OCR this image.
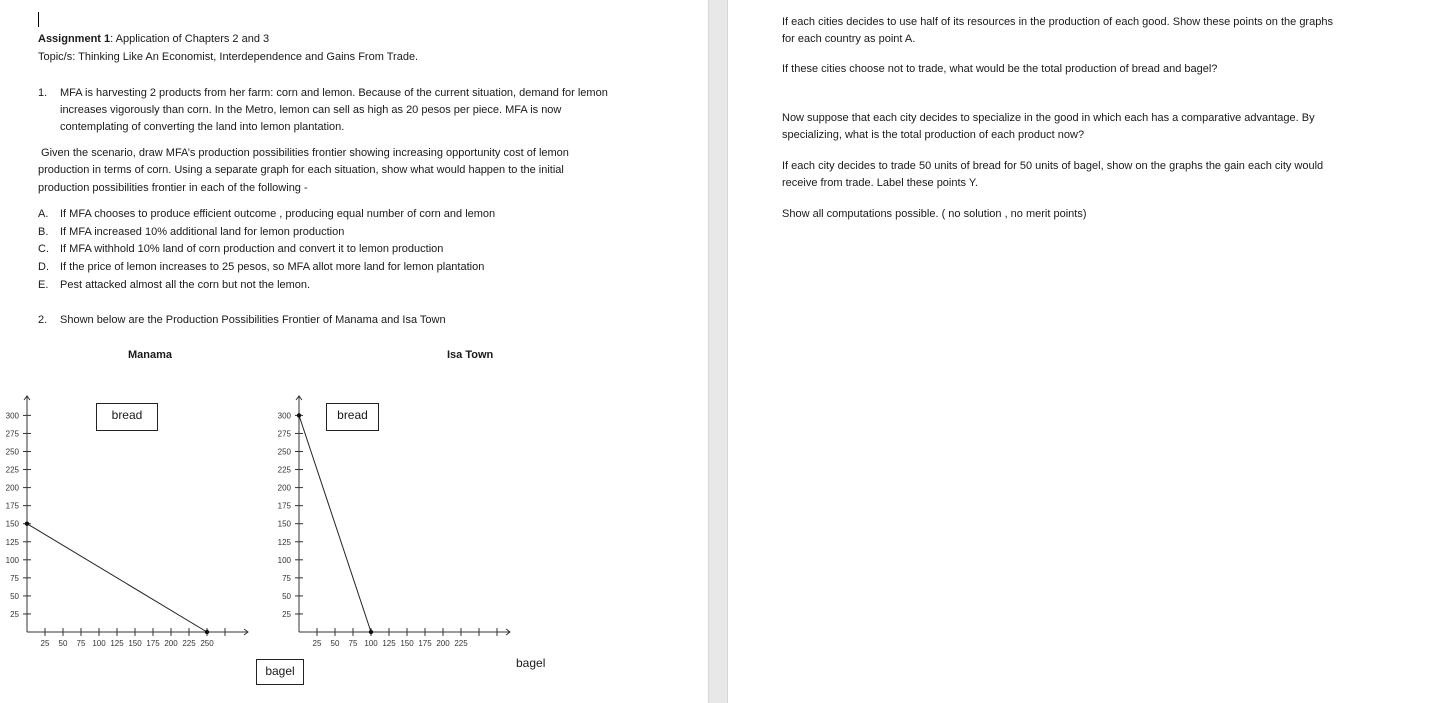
Assignment 1: Application of Chapters 2 and 3
Topic/s: Thinking Like An Economist, Interdependence and Gains From Trade.
1. MFA is harvesting 2 products from her farm: corn and lemon. Because of the current situation, demand for lemon
increases vigorously than corn. In the Metro, lemon can sell as high as 20 pesos per piece. MFA is now
contemplating of converting the land into lemon plantation.
Given the scenario, draw MFA’s production possibilities frontier showing increasing opportunity cost of lemon
production in terms of corn. Using a separate graph for each situation, show what would happen to the initial
production possibilities frontier in each of the following -
A. If MFA chooses to produce efficient outcome , producing equal number of corn and lemon
B. If MFA increased 10% additional land for lemon production
C. If MFA withhold 10% land of corn production and convert it to lemon production
D. If the price of lemon increases to 25 pesos, so MFA allot more land for lemon plantation
E. Pest attacked almost all the corn but not the lemon.
2. Shown below are the Production Possibilities Frontier of Manama and Isa Town
Manama	Isa Town
bread	bread
bagel
bagel
25
50
75
100
125
150
175
200
225
250
275
300
25 50 75 100 125 150 175 200 225 250
25
50
75
100
125
150
175
200
225
250
275
300
25 50 75 100 125 150 175 200 225
If each cities decides to use half of its resources in the production of each good. Show these points on the graphs
for each country as point A.
If these cities choose not to trade, what would be the total production of bread and bagel?
Now suppose that each city decides to specialize in the good in which each has a comparative advantage. By
specializing, what is the total production of each product now?
If each city decides to trade 50 units of bread for 50 units of bagel, show on the graphs the gain each city would
receive from trade. Label these points Y.
Show all computations possible. ( no solution , no merit points)
